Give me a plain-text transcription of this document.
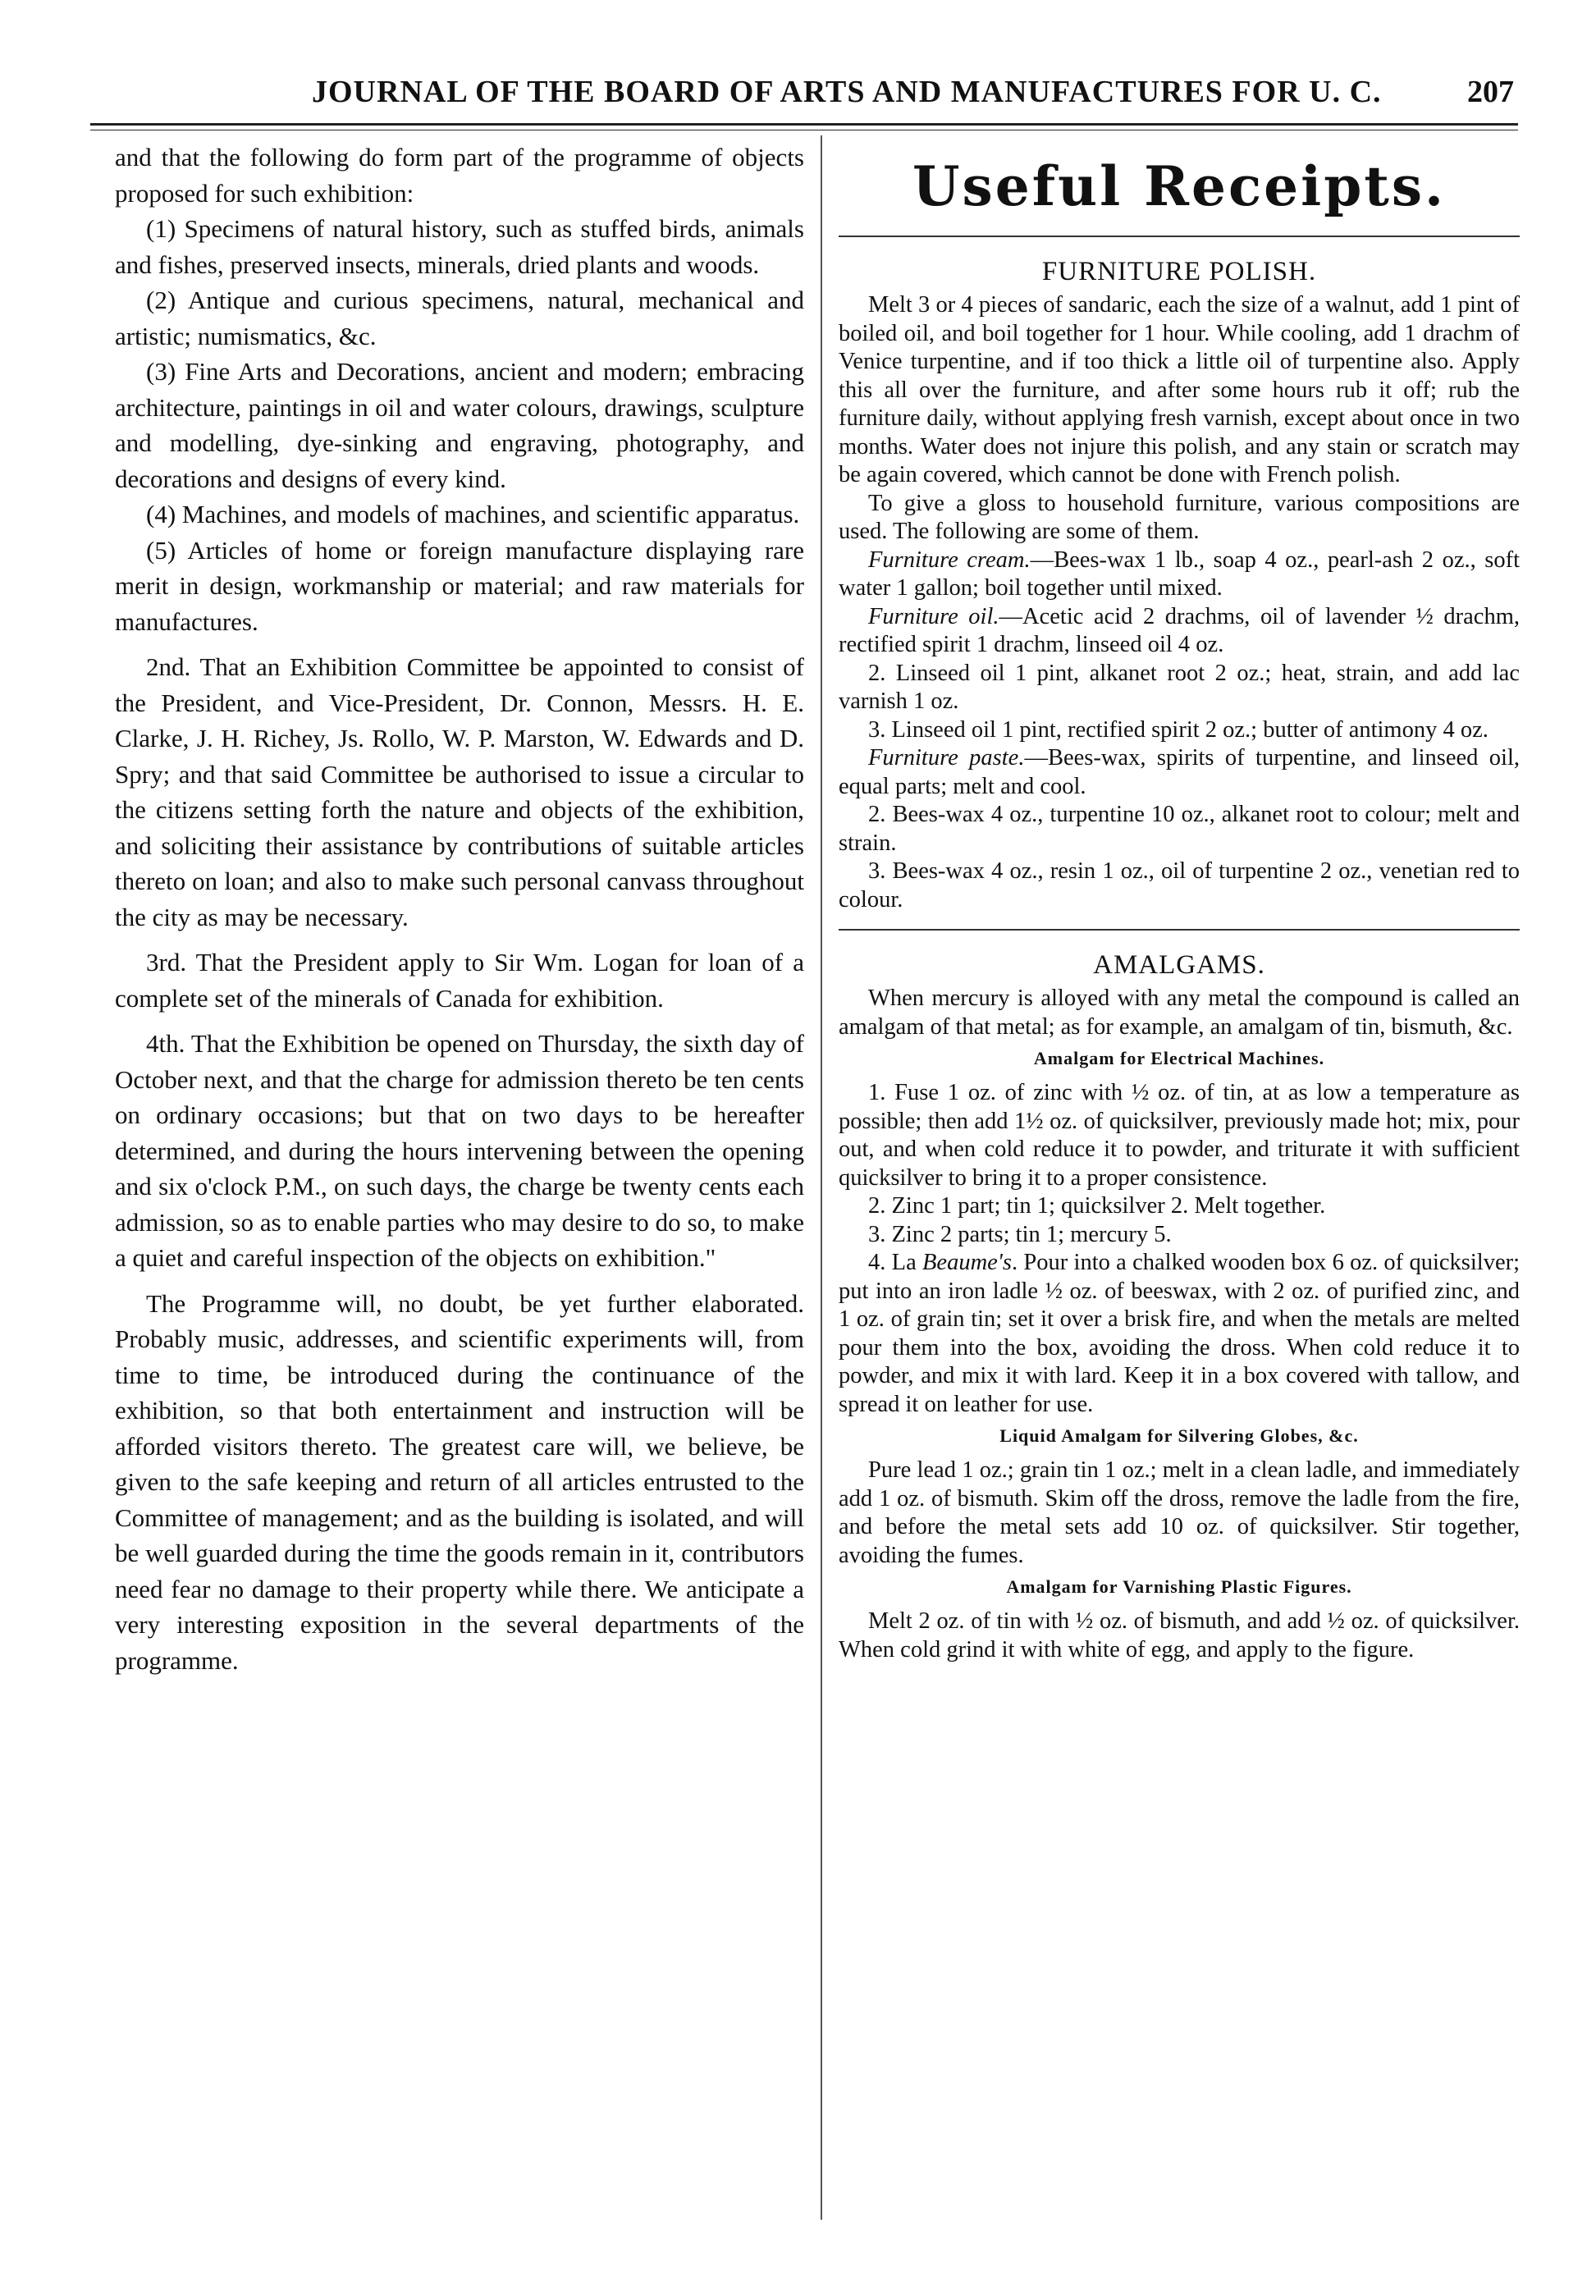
JOURNAL OF THE BOARD OF ARTS AND MANUFACTURES FOR U. C.	207

and that the following do form part of the programme of objects proposed for such exhibition:

(1) Specimens of natural history, such as stuffed birds, animals and fishes, preserved insects, minerals, dried plants and woods.

(2) Antique and curious specimens, natural, mechanical and artistic; numismatics, &c.

(3) Fine Arts and Decorations, ancient and modern; embracing architecture, paintings in oil and water colours, drawings, sculpture and modelling, dye-sinking and engraving, photography, and decorations and designs of every kind.

(4) Machines, and models of machines, and scientific apparatus.

(5) Articles of home or foreign manufacture displaying rare merit in design, workmanship or material; and raw materials for manufactures.

2nd. That an Exhibition Committee be appointed to consist of the President, and Vice-President, Dr. Connon, Messrs. H. E. Clarke, J. H. Richey, Js. Rollo, W. P. Marston, W. Edwards and D. Spry; and that said Committee be authorised to issue a circular to the citizens setting forth the nature and objects of the exhibition, and soliciting their assistance by contributions of suitable articles thereto on loan; and also to make such personal canvass throughout the city as may be necessary.

3rd. That the President apply to Sir Wm. Logan for loan of a complete set of the minerals of Canada for exhibition.

4th. That the Exhibition be opened on Thursday, the sixth day of October next, and that the charge for admission thereto be ten cents on ordinary occasions; but that on two days to be hereafter determined, and during the hours intervening between the opening and six o'clock P.M., on such days, the charge be twenty cents each admission, so as to enable parties who may desire to do so, to make a quiet and careful inspection of the objects on exhibition."

The Programme will, no doubt, be yet further elaborated. Probably music, addresses, and scientific experiments will, from time to time, be introduced during the continuance of the exhibition, so that both entertainment and instruction will be afforded visitors thereto. The greatest care will, we believe, be given to the safe keeping and return of all articles entrusted to the Committee of management; and as the building is isolated, and will be well guarded during the time the goods remain in it, contributors need fear no damage to their property while there. We anticipate a very interesting exposition in the several departments of the programme.

Useful Receipts.
FURNITURE POLISH.

Melt 3 or 4 pieces of sandaric, each the size of a walnut, add 1 pint of boiled oil, and boil together for 1 hour. While cooling, add 1 drachm of Venice turpentine, and if too thick a little oil of turpentine also. Apply this all over the furniture, and after some hours rub it off; rub the furniture daily, without applying fresh varnish, except about once in two months. Water does not injure this polish, and any stain or scratch may be again covered, which cannot be done with French polish.

To give a gloss to household furniture, various compositions are used. The following are some of them.

Furniture cream.—Bees-wax 1 lb., soap 4 oz., pearl-ash 2 oz., soft water 1 gallon; boil together until mixed.

Furniture oil.—Acetic acid 2 drachms, oil of lavender ½ drachm, rectified spirit 1 drachm, linseed oil 4 oz.

2. Linseed oil 1 pint, alkanet root 2 oz.; heat, strain, and add lac varnish 1 oz.

3. Linseed oil 1 pint, rectified spirit 2 oz.; butter of antimony 4 oz.

Furniture paste.—Bees-wax, spirits of turpentine, and linseed oil, equal parts; melt and cool.

2. Bees-wax 4 oz., turpentine 10 oz., alkanet root to colour; melt and strain.

3. Bees-wax 4 oz., resin 1 oz., oil of turpentine 2 oz., venetian red to colour.

AMALGAMS.

When mercury is alloyed with any metal the compound is called an amalgam of that metal; as for example, an amalgam of tin, bismuth, &c.

Amalgam for Electrical Machines.

1. Fuse 1 oz. of zinc with ½ oz. of tin, at as low a temperature as possible; then add 1½ oz. of quicksilver, previously made hot; mix, pour out, and when cold reduce it to powder, and triturate it with sufficient quicksilver to bring it to a proper consistence.

2. Zinc 1 part; tin 1; quicksilver 2. Melt together.

3. Zinc 2 parts; tin 1; mercury 5.

4. La Beaume's. Pour into a chalked wooden box 6 oz. of quicksilver; put into an iron ladle ½ oz. of beeswax, with 2 oz. of purified zinc, and 1 oz. of grain tin; set it over a brisk fire, and when the metals are melted pour them into the box, avoiding the dross. When cold reduce it to powder, and mix it with lard. Keep it in a box covered with tallow, and spread it on leather for use.

Liquid Amalgam for Silvering Globes, &c.

Pure lead 1 oz.; grain tin 1 oz.; melt in a clean ladle, and immediately add 1 oz. of bismuth. Skim off the dross, remove the ladle from the fire, and before the metal sets add 10 oz. of quicksilver. Stir together, avoiding the fumes.

Amalgam for Varnishing Plastic Figures.

Melt 2 oz. of tin with ½ oz. of bismuth, and add ½ oz. of quicksilver. When cold grind it with white of egg, and apply to the figure.
